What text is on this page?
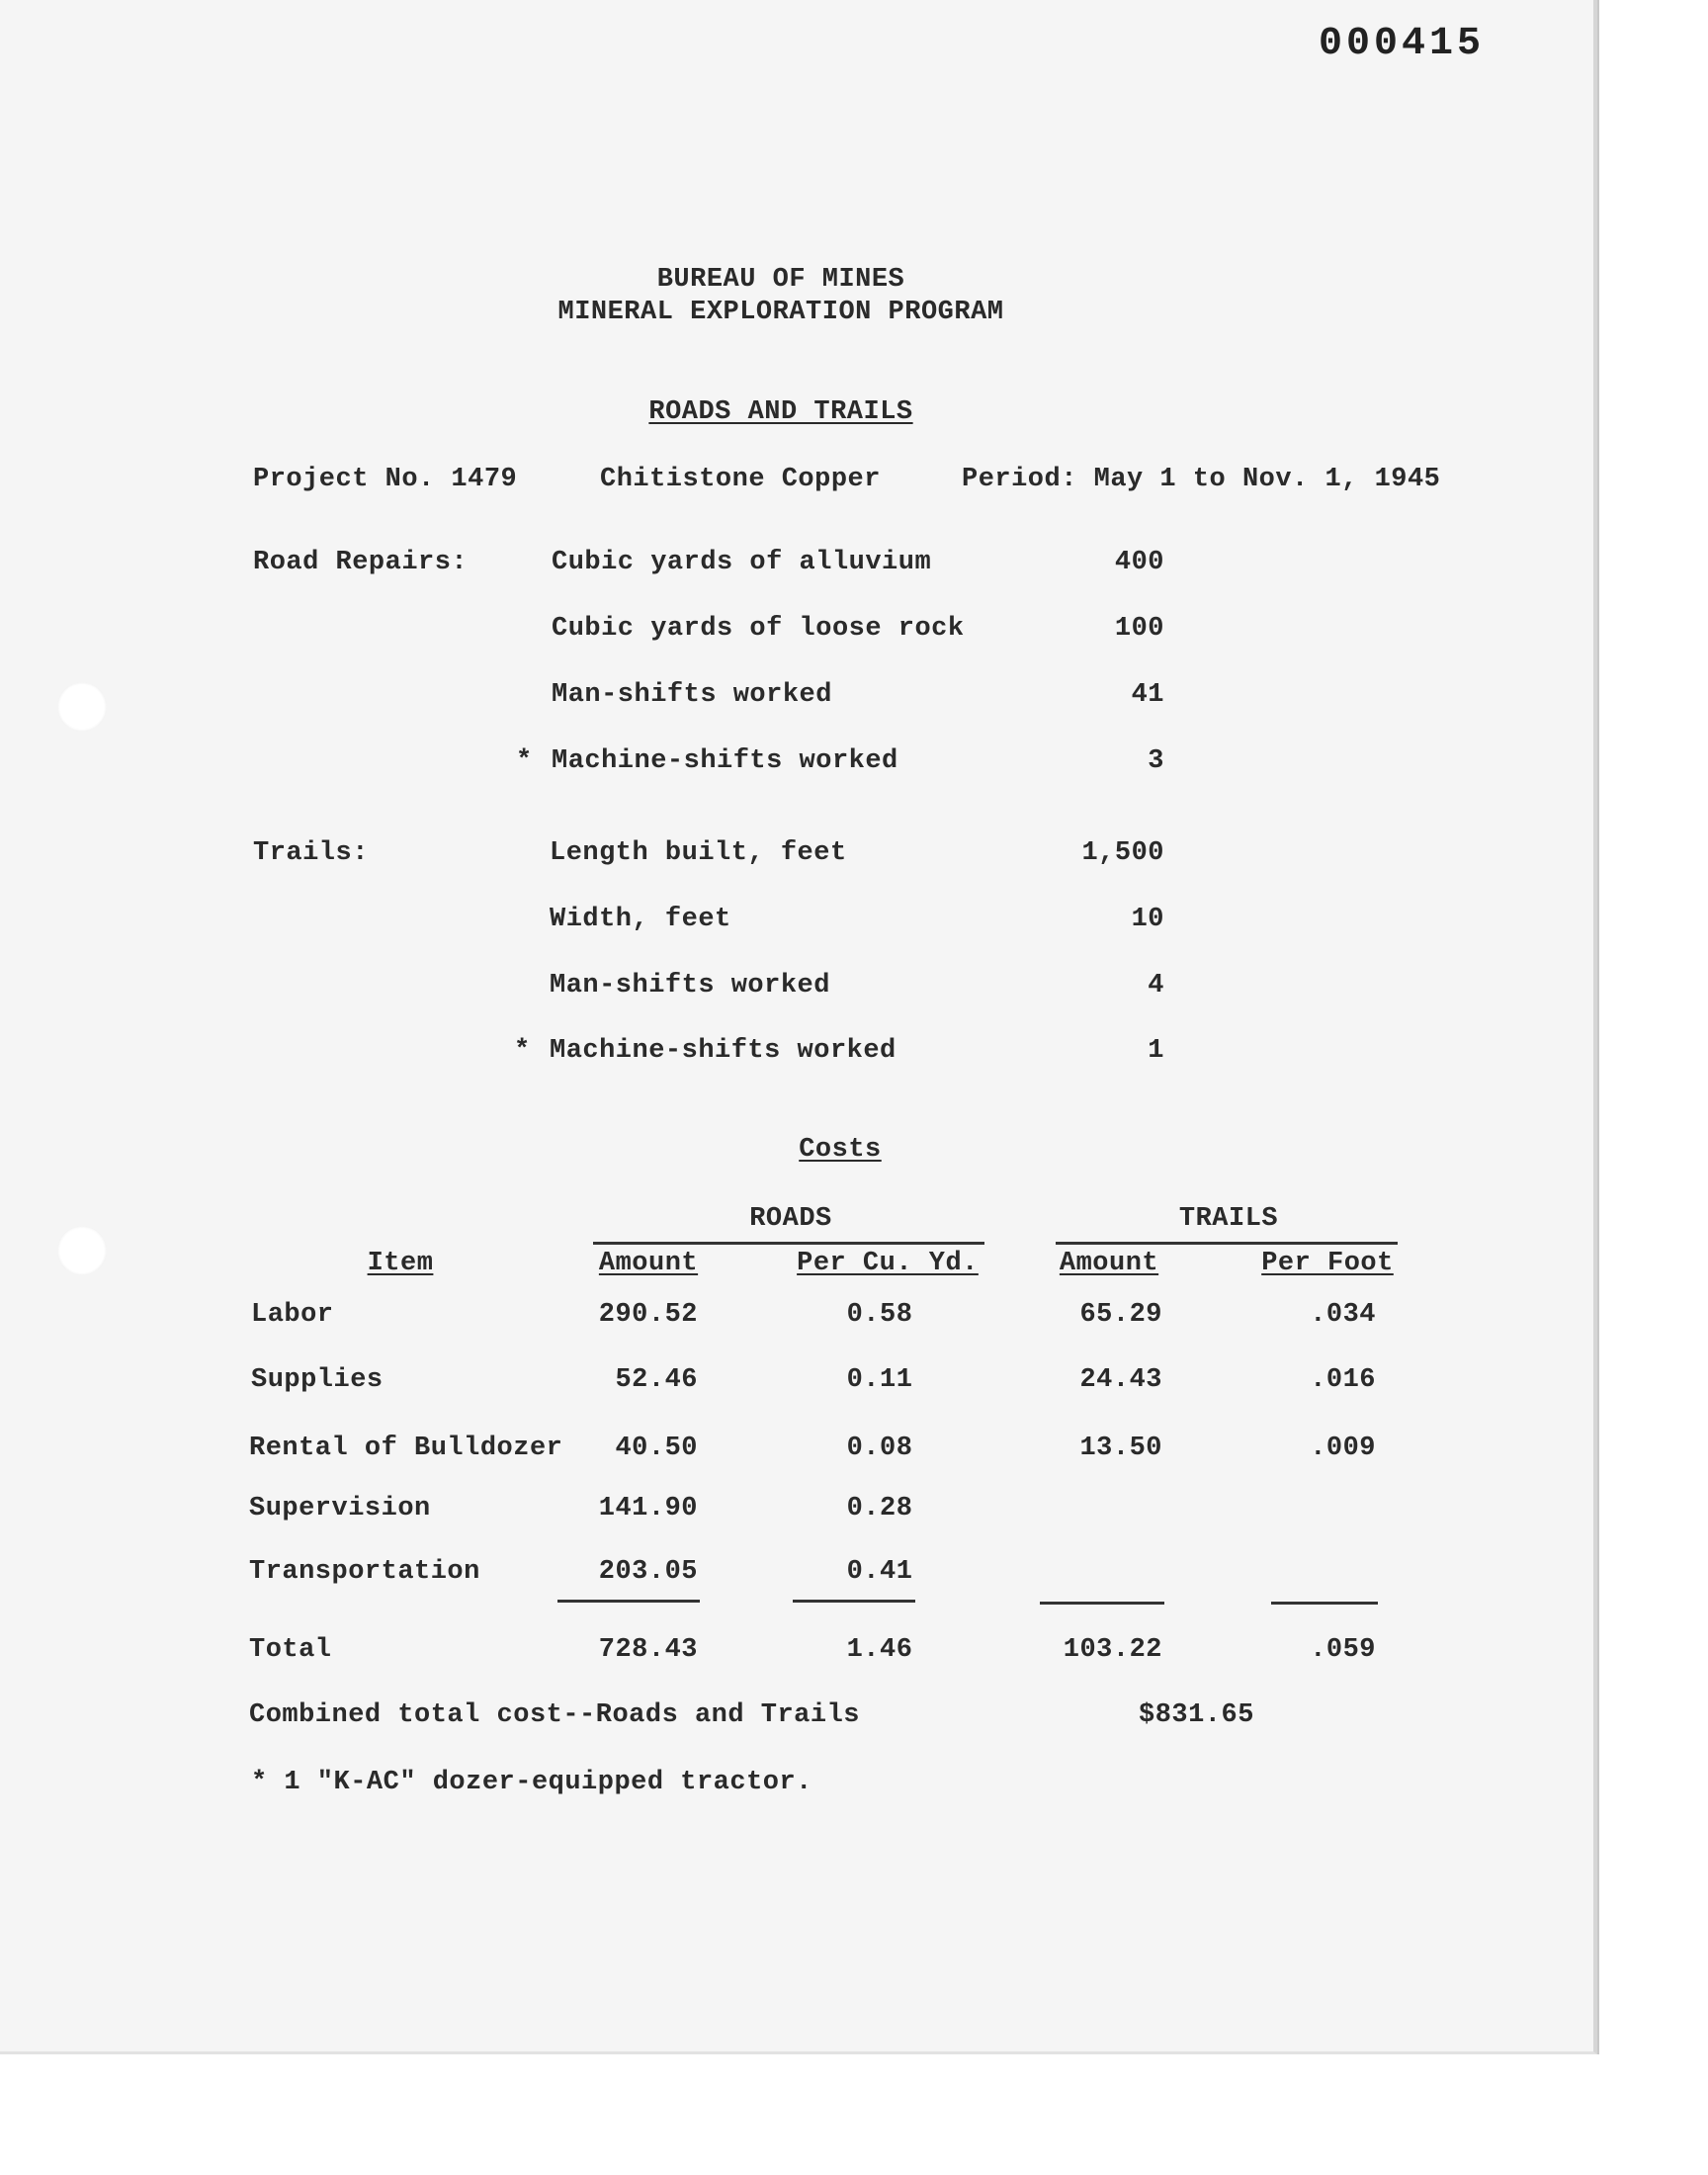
000415
BUREAU OF MINES
MINERAL EXPLORATION PROGRAM
ROADS AND TRAILS
Project No. 1479	Chitistone Copper	Period: May 1 to Nov. 1, 1945
Road Repairs:	Cubic yards of alluvium	400
Cubic yards of loose rock	100
Man-shifts worked	41
* Machine-shifts worked	3
Trails:	Length built, feet	1,500
Width, feet	10
Man-shifts worked	4
* Machine-shifts worked	1
Costs
ROADS	TRAILS
Item	Amount	Per Cu. Yd.	Amount	Per Foot
Labor	290.52	0.58	65.29	.034
Supplies	52.46	0.11	24.43	.016
Rental of Bulldozer	40.50	0.08	13.50	.009
Supervision	141.90	0.28
Transportation	203.05	0.41
Total	728.43	1.46	103.22	.059
Combined total cost--Roads and Trails	$831.65
* 1 "K-AC" dozer-equipped tractor.
